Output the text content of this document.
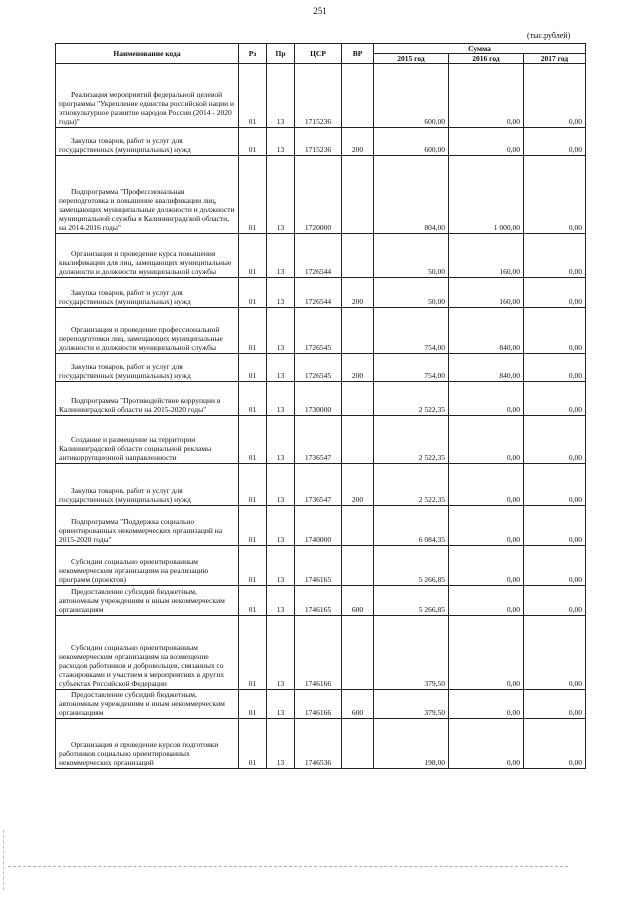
251
(тыс.рублей)
Наименование кода	Рз	Пр	ЦСР	ВР	Сумма		
					2015 год	2016 год	2017 год

Реализация мероприятий федеральной целевой программы "Укрепление единства российской нации и этнокультурное развитие народов России (2014 - 2020 годы)"	01	13	1715236		600,00	0,00	0,00

Закупка товаров, работ и услуг для государственных (муниципальных) нужд	01	13	1715236	200	600,00	0,00	0,00

Подпрограмма "Профессиональная переподготовка и повышение квалификации лиц, замещающих муниципальные должности и должности муниципальной службы в Калининградской области, на 2014-2016 годы"	01	13	1720000		804,00	1 000,00	0,00

Организация и проведение курса повышения квалификации для лиц, замещающих муниципальные должности и должности муниципальной службы	01	13	1726544		50,00	160,00	0,00

Закупка товаров, работ и услуг для государственных (муниципальных) нужд	01	13	1726544	200	50,00	160,00	0,00

Организация и проведение профессиональной переподготовки лиц, замещающих муниципальные должности и должности муниципальной службы	01	13	1726545		754,00	840,00	0,00

Закупка товаров, работ и услуг для государственных (муниципальных) нужд	01	13	1726545	200	754,00	840,00	0,00

Подпрограмма "Противодействие коррупции в Калининградской области на 2015-2020 годы"	01	13	1730000		2 522,35	0,00	0,00

Создание и размещение на территории Калининградской области социальной рекламы антикоррупционной направленности	01	13	1736547		2 522,35	0,00	0,00

Закупка товаров, работ и услуг для государственных (муниципальных) нужд	01	13	1736547	200	2 522,35	0,00	0,00

Подпрограмма "Поддержка социально ориентированных некоммерческих организаций на 2015-2020 годы"	01	13	1740000		6 084,35	0,00	0,00

Субсидии социально ориентированным некоммерческим организациям на реализацию программ (проектов)	01	13	1746165		5 266,85	0,00	0,00

Предоставление субсидий бюджетным, автономным учреждениям и иным некоммерческим организациям	01	13	1746165	600	5 266,85	0,00	0,00

Субсидии социально ориентированным некоммерческим организациям на возмещение расходов работников и добровольцев, связанных со стажировками и участием в мероприятиях в других субъектах Российской Федерации	01	13	1746166		379,50	0,00	0,00

Предоставление субсидий бюджетным, автономным учреждениям и иным некоммерческим организациям	01	13	1746166	600	379,50	0,00	0,00

Организация и проведение курсов подготовки работников социально ориентированных некоммерческих организаций	01	13	1746536		198,00	0,00	0,00
